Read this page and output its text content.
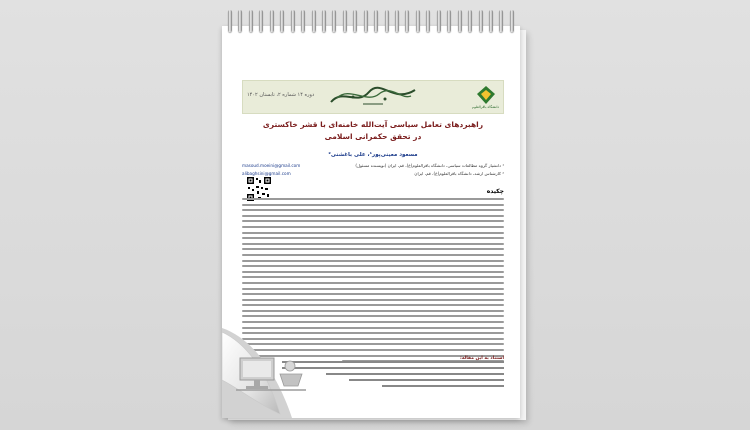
دوره ۱۴ شماره ۲، تابستان ۱۴۰۲
دانشگاه باقرالعلوم
راهبردهای تعامل سیاسی آیت‌الله خامنه‌ای با قشر خاکستری
در تحقق حکمرانی اسلامی
مسعود معینی‌پور¹، علی باغشنی²
¹ دانشیار گروه مطالعات سیاسی، دانشگاه باقرالعلوم(ع)، قم، ایران (نویسنده مسئول)
masoud.moeini@gmail.com
² کارشناس ارشد، دانشگاه باقرالعلوم(ع)، قم، ایران
alibaghsini@gmail.com
چکیده
استناد به این مقاله:
